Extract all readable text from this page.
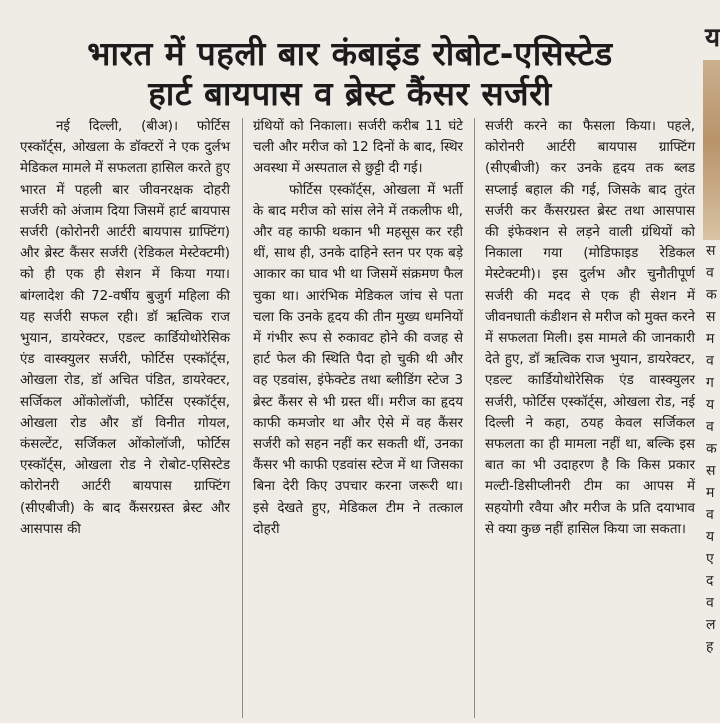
भारत में पहली बार कंबाइंड रोबोट-एसिस्टेड
हार्ट बायपास व ब्रेस्ट कैंसर सर्जरी

नई दिल्ली, (बीअ)। फोर्टिस एस्कॉर्ट्स, ओखला के डॉक्टरों ने एक दुर्लभ मेडिकल मामले में सफलता हासिल करते हुए भारत में पहली बार जीवनरक्षक दोहरी सर्जरी को अंजाम दिया जिसमें हार्ट बायपास सर्जरी (कोरोनरी आर्टरी बायपास ग्राफ्टिंग) और ब्रेस्ट कैंसर सर्जरी (रेडिकल मेस्टेक्टमी) को ही एक ही सेशन में किया गया। बांग्लादेश की 72-वर्षीय बुजुर्ग महिला की यह सर्जरी सफल रही। डॉ ऋत्विक राज भुयान, डायरेक्टर, एडल्ट कार्डियोथोरेसिक एंड वास्क्युलर सर्जरी, फोर्टिस एस्कॉर्ट्स, ओखला रोड, डॉ अचित पंडित, डायरेक्टर, सर्जिकल ओंकोलॉजी, फोर्टिस एस्कॉर्ट्स, ओखला रोड और डॉ विनीत गोयल, कंसल्टेंट, सर्जिकल ओंकोलॉजी, फोर्टिस एस्कॉर्ट्स, ओखला रोड ने रोबोट-एसिस्टेड कोरोनरी आर्टरी बायपास ग्राफ्टिंग (सीएबीजी) के बाद कैंसरग्रस्त ब्रेस्ट और आसपास की

ग्रंथियों को निकाला। सर्जरी करीब 11 घंटे चली और मरीज को 12 दिनों के बाद, स्थिर अवस्था में अस्पताल से छुट्टी दी गई।

फोर्टिस एस्कॉर्ट्स, ओखला में भर्ती के बाद मरीज को सांस लेने में तकलीफ थी, और वह काफी थकान भी महसूस कर रही थीं, साथ ही, उनके दाहिने स्तन पर एक बड़े आकार का घाव भी था जिसमें संक्रमण फैल चुका था। आरंभिक मेडिकल जांच से पता चला कि उनके हृदय की तीन मुख्य धमनियों में गंभीर रूप से रुकावट होने की वजह से हार्ट फेल की स्थिति पैदा हो चुकी थी और वह एडवांस, इंफेक्टेड तथा ब्लीडिंग स्टेज 3 ब्रेस्ट कैंसर से भी ग्रस्त थीं। मरीज का हृदय काफी कमजोर था और ऐसे में वह कैंसर सर्जरी को सहन नहीं कर सकती थीं, उनका कैंसर भी काफी एडवांस स्टेज में था जिसका बिना देरी किए उपचार करना जरूरी था। इसे देखते हुए, मेडिकल टीम ने तत्काल दोहरी

सर्जरी करने का फैसला किया। पहले, कोरोनरी आर्टरी बायपास ग्राफ्टिंग (सीएबीजी) कर उनके हृदय तक ब्लड सप्लाई बहाल की गई, जिसके बाद तुरंत सर्जरी कर कैंसरग्रस्त ब्रेस्ट तथा आसपास की इंफेक्शन से लड़ने वाली ग्रंथियों को निकाला गया (मोडिफाइड रेडिकल मेस्टेक्टमी)। इस दुर्लभ और चुनौतीपूर्ण सर्जरी की मदद से एक ही सेशन में जीवनघाती कंडीशन से मरीज को मुक्त करने में सफलता मिली। इस मामले की जानकारी देते हुए, डॉ ऋत्विक राज भुयान, डायरेक्टर, एडल्ट कार्डियोथोरेसिक एंड वास्क्युलर सर्जरी, फोर्टिस एस्कॉर्ट्स, ओखला रोड, नई दिल्ली ने कहा, ठयह केवल सर्जिकल सफलता का ही मामला नहीं था, बल्कि इस बात का भी उदाहरण है कि किस प्रकार मल्टी-डिसीप्लीनरी टीम का आपस में सहयोगी रवैया और मरीज के प्रति दयाभाव से क्या कुछ नहीं हासिल किया जा सकता।

य
स
व
क
स
म
व
ग
य
व
क
स
म
व
य
ए
द
व
ल
ह
